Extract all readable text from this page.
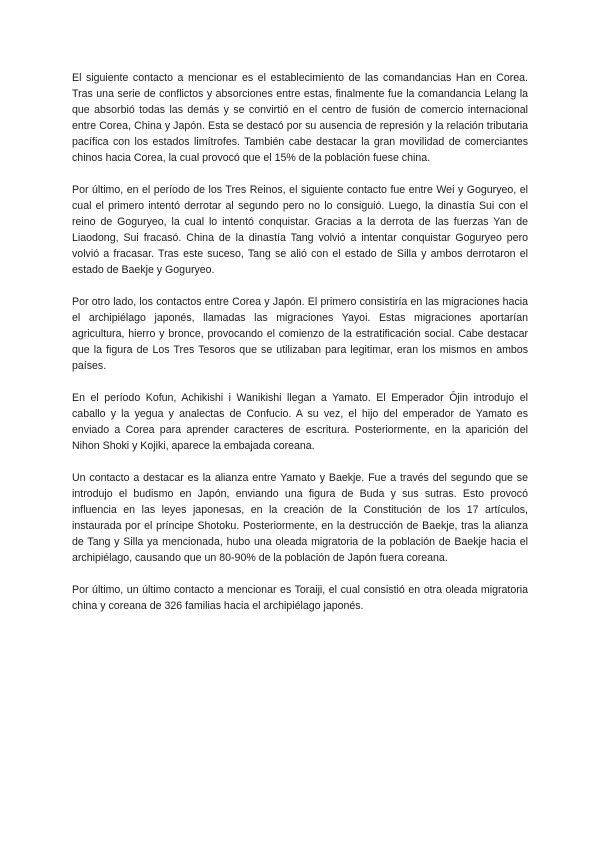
El siguiente contacto a mencionar es el establecimiento de las comandancias Han en Corea. Tras una serie de conflictos y absorciones entre estas, finalmente fue la comandancia Lelang la que absorbió todas las demás y se convirtió en el centro de fusión de comercio internacional entre Corea, China y Japón. Esta se destacó por su ausencia de represión y la relación tributaria pacífica con los estados limítrofes. También cabe destacar la gran movilidad de comerciantes chinos hacia Corea, la cual provocó que el 15% de la población fuese china.

Por último, en el período de los Tres Reinos, el siguiente contacto fue entre Wei y Goguryeo, el cual el primero intentó derrotar al segundo pero no lo consiguió. Luego, la dinastía Sui con el reino de Goguryeo, la cual lo intentó conquistar. Gracias a la derrota de las fuerzas Yan de Liaodong, Sui fracasó. China de la dinastía Tang volvió a intentar conquistar Goguryeo pero volvió a fracasar. Tras este suceso, Tang se alió con el estado de Silla y ambos derrotaron el estado de Baekje y Goguryeo.

Por otro lado, los contactos entre Corea y Japón. El primero consistiría en las migraciones hacia el archipiélago japonés, llamadas las migraciones Yayoi. Estas migraciones aportarían agricultura, hierro y bronce, provocando el comienzo de la estratificación social. Cabe destacar que la figura de Los Tres Tesoros que se utilizaban para legitimar, eran los mismos en ambos países.

En el período Kofun, Achikishi i Wanikishi llegan a Yamato. El Emperador Ōjin introdujo el caballo y la yegua y analectas de Confucio. A su vez, el hijo del emperador de Yamato es enviado a Corea para aprender caracteres de escritura. Posteriormente, en la aparición del Nihon Shoki y Kojiki, aparece la embajada coreana.

Un contacto a destacar es la alianza entre Yamato y Baekje. Fue a través del segundo que se introdujo el budismo en Japón, enviando una figura de Buda y sus sutras. Esto provocó influencia en las leyes japonesas, en la creación de la Constitución de los 17 artículos, instaurada por el príncipe Shotoku. Posteriormente, en la destrucción de Baekje, tras la alianza de Tang y Silla ya mencionada, hubo una oleada migratoria de la población de Baekje hacia el archipiélago, causando que un 80-90% de la población de Japón fuera coreana.

Por último, un último contacto a mencionar es Toraiji, el cual consistió en otra oleada migratoria china y coreana de 326 familias hacia el archipiélago japonés.
